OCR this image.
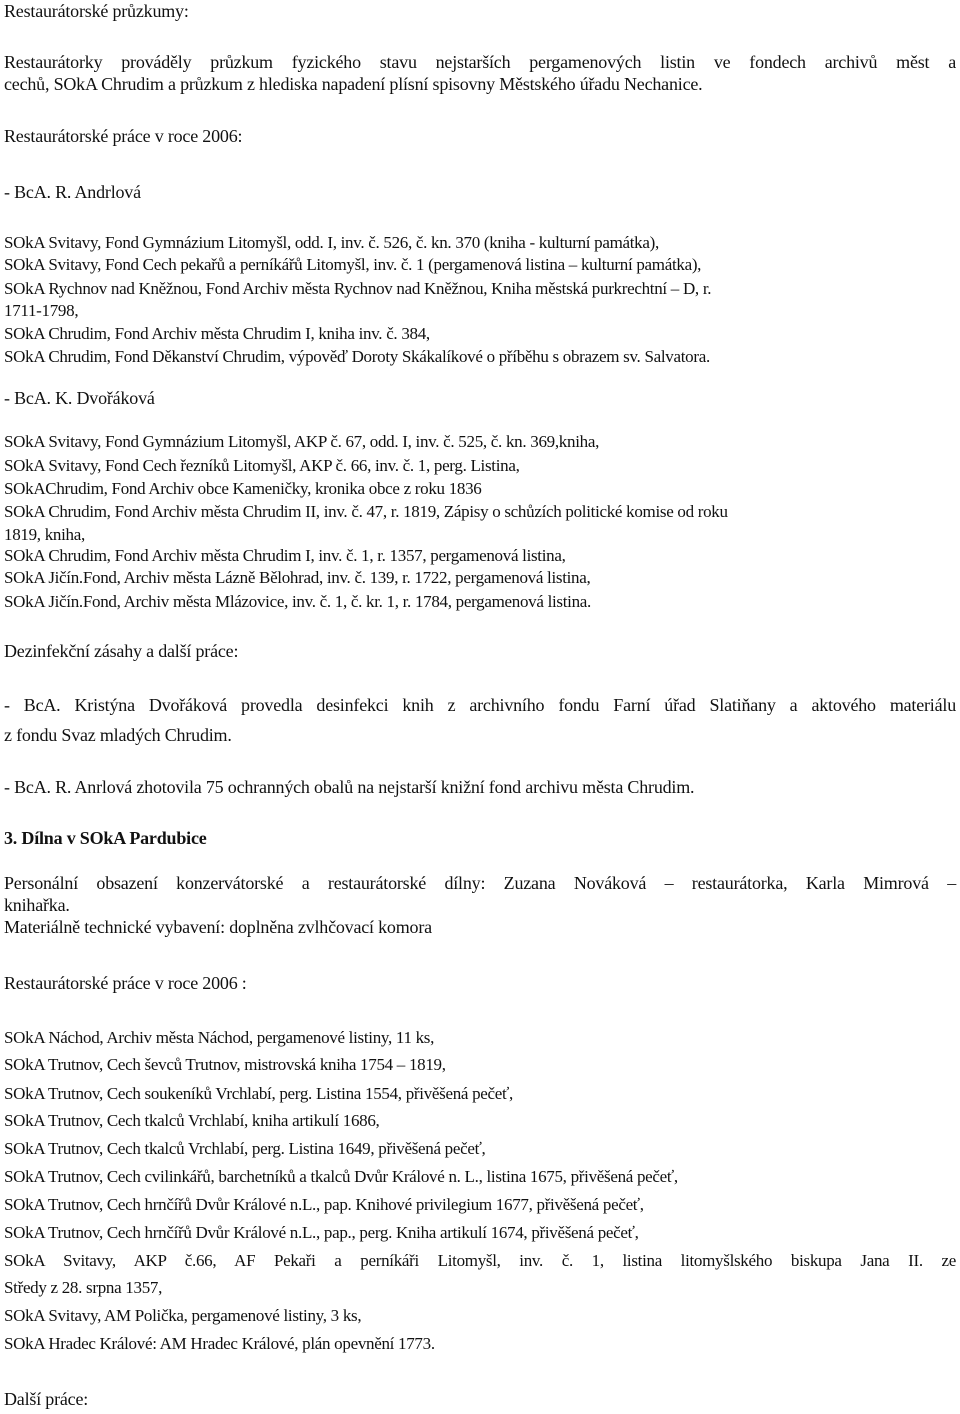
Restaurátorské průzkumy:
Restaurátorky prováděly průzkum fyzického stavu nejstarších pergamenových listin ve fondech archivů měst a
cechů, SOkA Chrudim a průzkum z hlediska napadení plísní spisovny Městského úřadu Nechanice.
Restaurátorské práce v roce 2006:
- BcA. R. Andrlová
SOkA Svitavy, Fond Gymnázium Litomyšl, odd. I, inv. č. 526, č. kn. 370 (kniha - kulturní památka),
SOkA Svitavy, Fond Cech pekařů a perníkářů Litomyšl, inv. č. 1 (pergamenová listina – kulturní památka),
SOkA Rychnov nad Kněžnou, Fond Archiv města Rychnov nad Kněžnou, Kniha městská purkrechtní – D, r.
1711-1798,
SOkA Chrudim, Fond Archiv města Chrudim I, kniha inv. č. 384,
SOkA Chrudim, Fond Děkanství Chrudim, výpověď Doroty Skákalíkové o příběhu s obrazem sv. Salvatora.
- BcA. K. Dvořáková
SOkA Svitavy, Fond Gymnázium Litomyšl, AKP č. 67, odd. I, inv. č. 525, č. kn. 369,kniha,
SOkA Svitavy, Fond Cech řezníků Litomyšl, AKP č. 66, inv. č. 1, perg. Listina,
SOkAChrudim, Fond Archiv obce Kameničky, kronika obce z roku 1836
SOkA Chrudim, Fond Archiv města Chrudim II, inv. č. 47, r. 1819, Zápisy o schůzích politické komise od roku
1819, kniha,
SOkA Chrudim, Fond Archiv města Chrudim I, inv. č. 1, r. 1357, pergamenová listina,
SOkA Jičín.Fond, Archiv města Lázně Bělohrad, inv. č. 139, r. 1722, pergamenová listina,
SOkA Jičín.Fond, Archiv města Mlázovice, inv. č. 1, č. kr. 1, r. 1784, pergamenová listina.
Dezinfekční zásahy a další práce:
- BcA. Kristýna Dvořáková provedla desinfekci knih z archivního fondu Farní úřad Slatiňany a aktového materiálu
z fondu Svaz mladých Chrudim.
- BcA. R. Anrlová zhotovila 75 ochranných obalů na nejstarší knižní fond archivu města Chrudim.
3. Dílna v SOkA Pardubice
Personální obsazení konzervátorské a restaurátorské dílny: Zuzana Nováková – restaurátorka, Karla Mimrová –
knihařka.
Materiálně technické vybavení: doplněna zvlhčovací komora
Restaurátorské práce v roce 2006 :
SOkA Náchod, Archiv města Náchod, pergamenové listiny, 11 ks,
SOkA Trutnov, Cech ševců Trutnov, mistrovská kniha 1754 – 1819,
SOkA Trutnov, Cech soukeníků Vrchlabí, perg. Listina 1554, přivěšená pečeť,
SOkA Trutnov, Cech tkalců Vrchlabí, kniha artikulí 1686,
SOkA Trutnov, Cech tkalců Vrchlabí, perg. Listina 1649, přivěšená pečeť,
SOkA Trutnov, Cech cvilinkářů, barchetníků a tkalců Dvůr Králové n. L., listina 1675, přivěšená pečeť,
SOkA Trutnov, Cech hrnčířů Dvůr Králové n.L., pap. Knihové privilegium 1677, přivěšená pečeť,
SOkA Trutnov, Cech hrnčířů Dvůr Králové n.L., pap., perg. Kniha artikulí 1674, přivěšená pečeť,
SOkA Svitavy, AKP č.66, AF Pekaři a perníkáři Litomyšl, inv. č. 1, listina litomyšlského biskupa Jana II. ze
Středy z 28. srpna 1357,
SOkA Svitavy, AM Polička, pergamenové listiny, 3 ks,
SOkA Hradec Králové: AM Hradec Králové, plán opevnění 1773.
Další práce:
